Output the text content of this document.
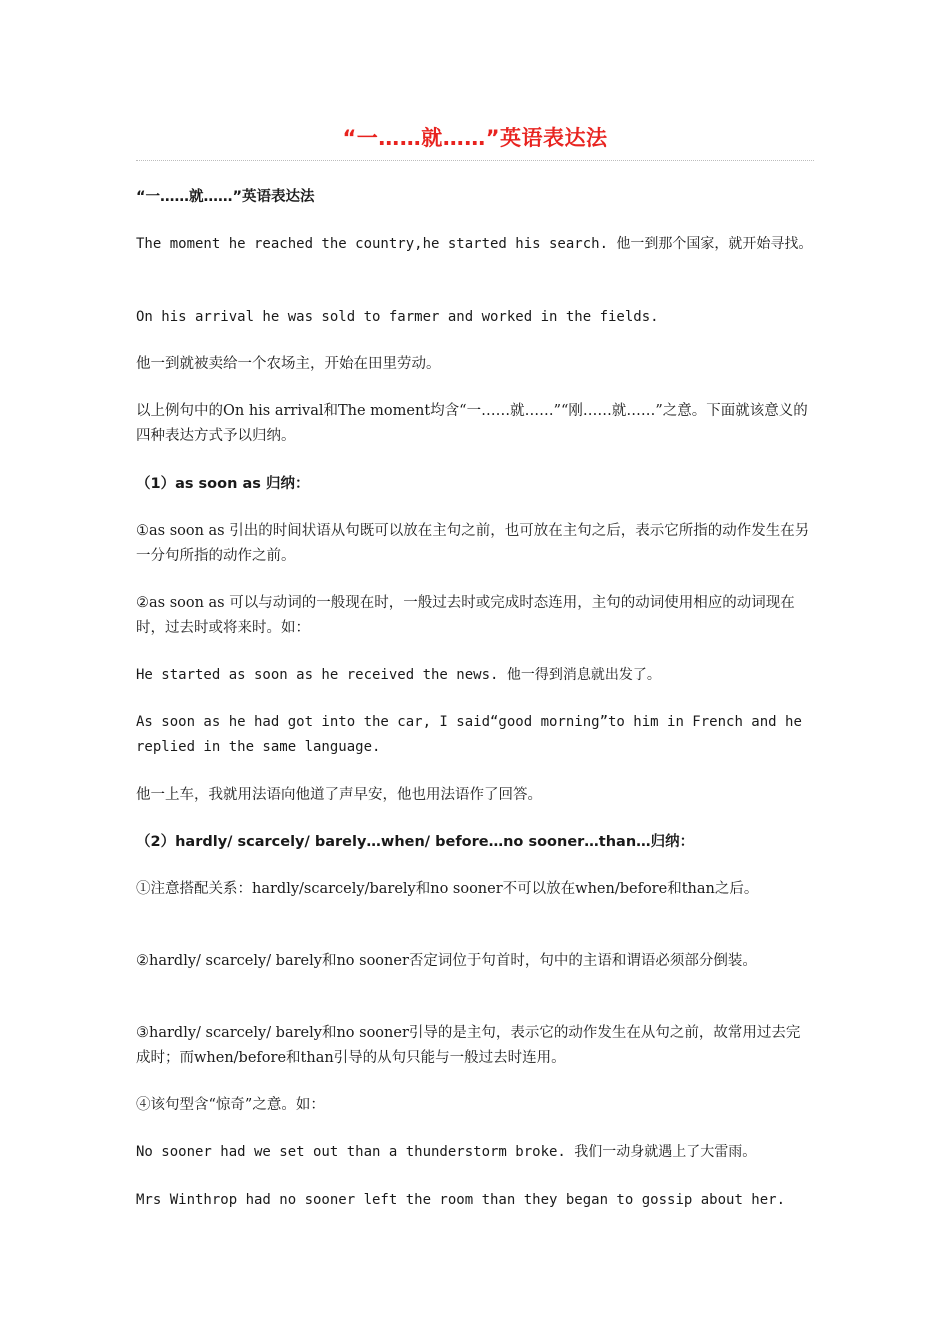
“一……就……”英语表达法
“一……就……”英语表达法
The moment he reached the country,he started his search. 他一到那个国家，就开始寻找。
On his arrival he was sold to farmer and worked in the fields.
他一到就被卖给一个农场主，开始在田里劳动。
以上例句中的On his arrival和The moment均含“一……就……”“刚……就……”之意。下面就该意义的四种表达方式予以归纳。
（1）as soon as 归纳：
①as soon as 引出的时间状语从句既可以放在主句之前，也可放在主句之后，表示它所指的动作发生在另一分句所指的动作之前。
②as soon as 可以与动词的一般现在时，一般过去时或完成时态连用，主句的动词使用相应的动词现在时，过去时或将来时。如：
He started as soon as he received the news. 他一得到消息就出发了。
As soon as he had got into the car, I said“good morning”to him in French and he replied in the same language.
他一上车，我就用法语向他道了声早安，他也用法语作了回答。
（2）hardly/ scarcely/ barely…when/ before…no sooner…than…归纳：
①注意搭配关系：hardly/scarcely/barely和no sooner不可以放在when/before和than之后。
②hardly/ scarcely/ barely和no sooner否定词位于句首时，句中的主语和谓语必须部分倒装。
③hardly/ scarcely/ barely和no sooner引导的是主句，表示它的动作发生在从句之前，故常用过去完成时；而when/before和than引导的从句只能与一般过去时连用。
④该句型含“惊奇”之意。如：
No sooner had we set out than a thunderstorm broke. 我们一动身就遇上了大雷雨。
Mrs Winthrop had no sooner left the room than they began to gossip about her.
